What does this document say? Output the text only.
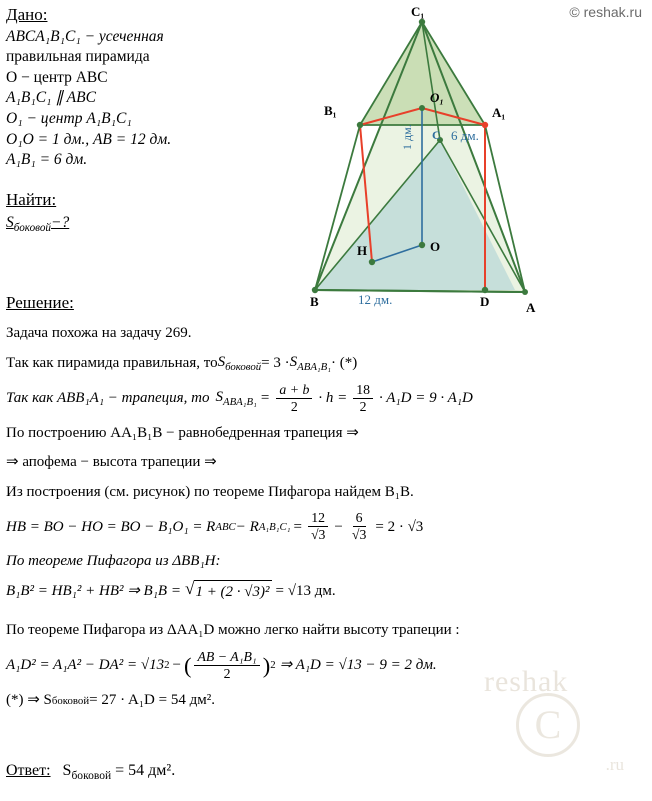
© reshak.ru
Дано:
ABCA₁B₁C₁ − усеченная
правильная пирамида
О − центр ABC
A₁B₁C₁ ∥ ABC
O₁ − центр A₁B₁C₁
O₁O = 1 дм., AB = 12 дм.
A₁B₁ = 6 дм.
Найти:
$S_{боковой}-$?
C₁
B₁	A₁
O₁
C 6 дм.
1 дм.
O
H
B	D	A
12 дм.
Решение:
Задача похожа на задачу 269.
Так как пирамида правильная, то $S_{боковой} = 3 \cdot S_{ABA_1B_1}$ · (*)
Так как ABB₁A₁ − трапеция, то $S_{ABA_1B_1} = \frac{a + b}{2} \cdot h = \frac{18}{2} \cdot A_1D = 9 \cdot A_1D$
По построению AA₁B₁B − равнобедренная трапеция ⇒
⇒ апофема − высота трапеции ⇒
Из построения (см. рисунок) по теореме Пифагора найдем B₁B.
HB = BO − HO = BO − B₁O₁ = R ABC − R $A_1B_1C_1 = \frac{12}{√3} - \frac{6}{√3} = 2 \cdot √3$
По теореме Пифагора из ΔBB₁H:
B₁B² = HB₁² + HB² ⇒ B₁B = √ 1 + (2 · √3)² = √13 дм.
По теореме Пифагора из ΔAA₁D можно легко найти высоту трапеции :
A₁D² = A₁A² − DA² = √13 2 − ( $\frac{\text{AB − A₁B₁}}{2}$ ) 2 ⇒ A₁D = √13 − 9 = 2 дм.
(*) ⇒ S боковой = 27 · A₁D = 54 дм².
Ответ: $S_{боковой} = 54$ дм².
reshak
C
.ru
